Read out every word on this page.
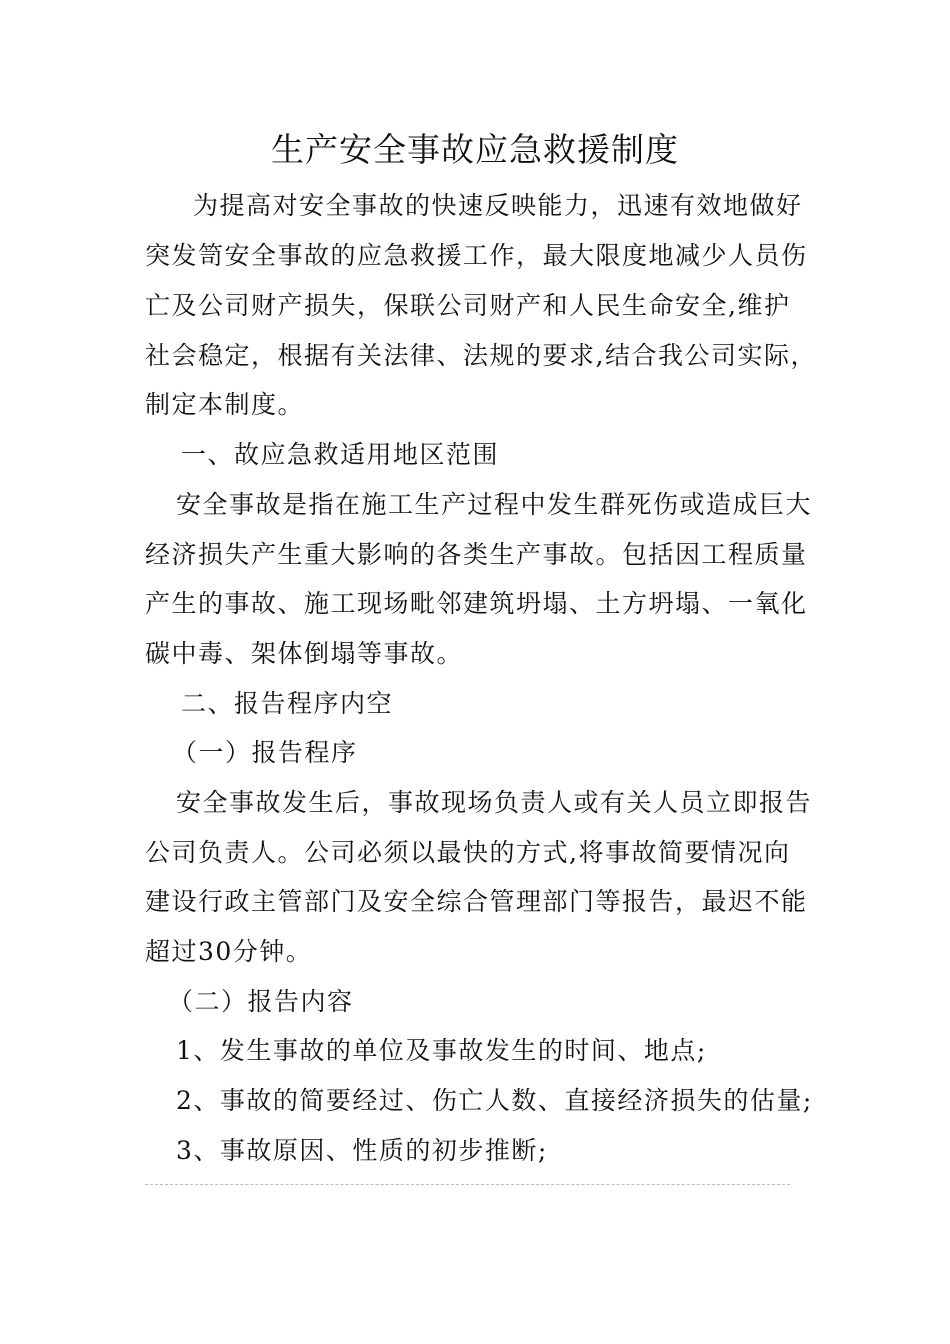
生产安全事故应急救援制度
为提高对安全事故的快速反映能力，迅速有效地做好
突发笥安全事故的应急救援工作，最大限度地减少人员伤
亡及公司财产损失，保联公司财产和人民生命安全,维护
社会稳定，根据有关法律、法规的要求,结合我公司实际，
制定本制度。
一、故应急救适用地区范围
安全事故是指在施工生产过程中发生群死伤或造成巨大
经济损失产生重大影响的各类生产事故。包括因工程质量
产生的事故、施工现场毗邻建筑坍塌、土方坍塌、一氧化
碳中毒、架体倒塌等事故。
二、报告程序内空
（一）报告程序
安全事故发生后，事故现场负责人或有关人员立即报告
公司负责人。公司必须以最快的方式,将事故简要情况向
建设行政主管部门及安全综合管理部门等报告，最迟不能
超过30分钟。
（二）报告内容
1、发生事故的单位及事故发生的时间、地点;
2、事故的简要经过、伤亡人数、直接经济损失的估量;
3、事故原因、性质的初步推断;
